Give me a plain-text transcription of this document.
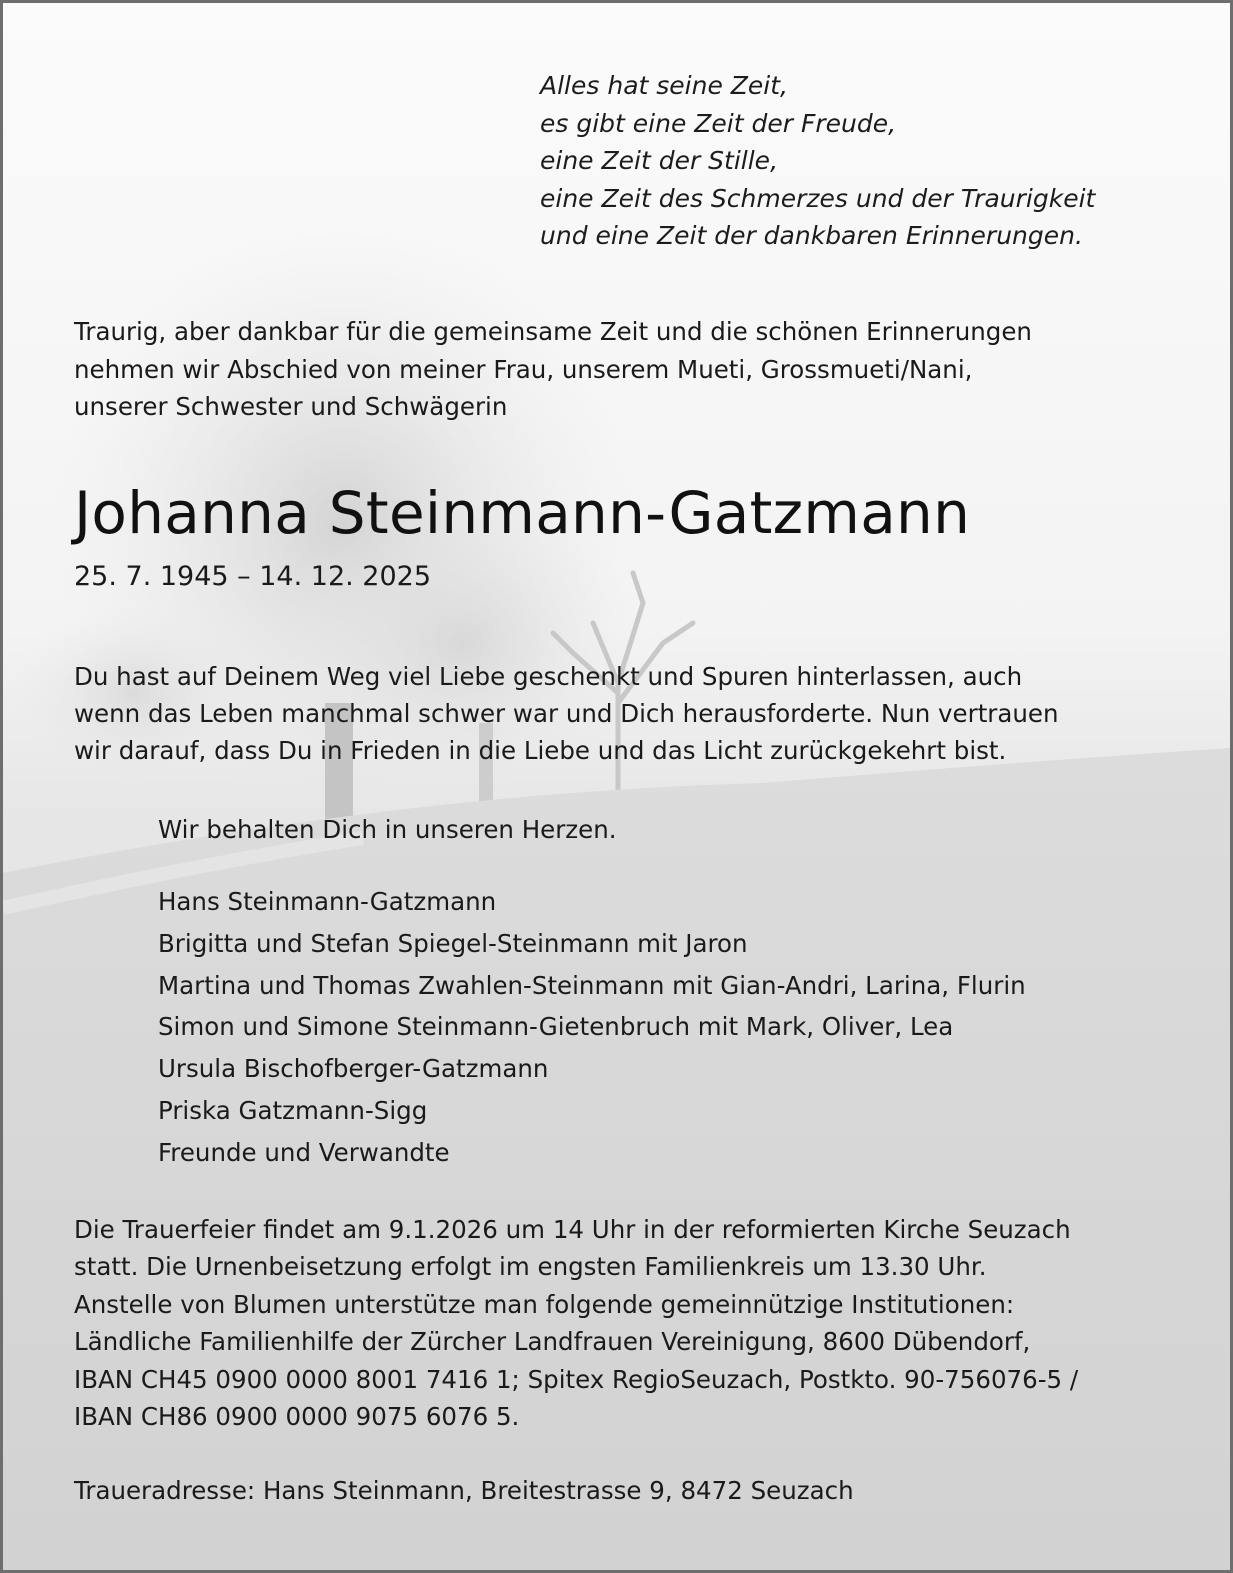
Alles hat seine Zeit,
es gibt eine Zeit der Freude,
eine Zeit der Stille,
eine Zeit des Schmerzes und der Traurigkeit
und eine Zeit der dankbaren Erinnerungen.
Traurig, aber dankbar für die gemeinsame Zeit und die schönen Erinnerungen
nehmen wir Abschied von meiner Frau, unserem Mueti, Grossmueti/Nani,
unserer Schwester und Schwägerin
Johanna Steinmann-Gatzmann
25. 7. 1945 – 14. 12. 2025
Du hast auf Deinem Weg viel Liebe geschenkt und Spuren hinterlassen, auch
wenn das Leben manchmal schwer war und Dich herausforderte. Nun vertrauen
wir darauf, dass Du in Frieden in die Liebe und das Licht zurückgekehrt bist.
Wir behalten Dich in unseren Herzen.
Hans Steinmann-Gatzmann
Brigitta und Stefan Spiegel-Steinmann mit Jaron
Martina und Thomas Zwahlen-Steinmann mit Gian-Andri, Larina, Flurin
Simon und Simone Steinmann-Gietenbruch mit Mark, Oliver, Lea
Ursula Bischofberger-Gatzmann
Priska Gatzmann-Sigg
Freunde und Verwandte
Die Trauerfeier findet am 9.1.2026 um 14 Uhr in der reformierten Kirche Seuzach
statt. Die Urnenbeisetzung erfolgt im engsten Familienkreis um 13.30 Uhr.
Anstelle von Blumen unterstütze man folgende gemeinnützige Institutionen:
Ländliche Familienhilfe der Zürcher Landfrauen Vereinigung, 8600 Dübendorf,
IBAN CH45 0900 0000 8001 7416 1; Spitex RegioSeuzach, Postkto. 90-756076-5 /
IBAN CH86 0900 0000 9075 6076 5.
Traueradresse: Hans Steinmann, Breitestrasse 9, 8472 Seuzach
